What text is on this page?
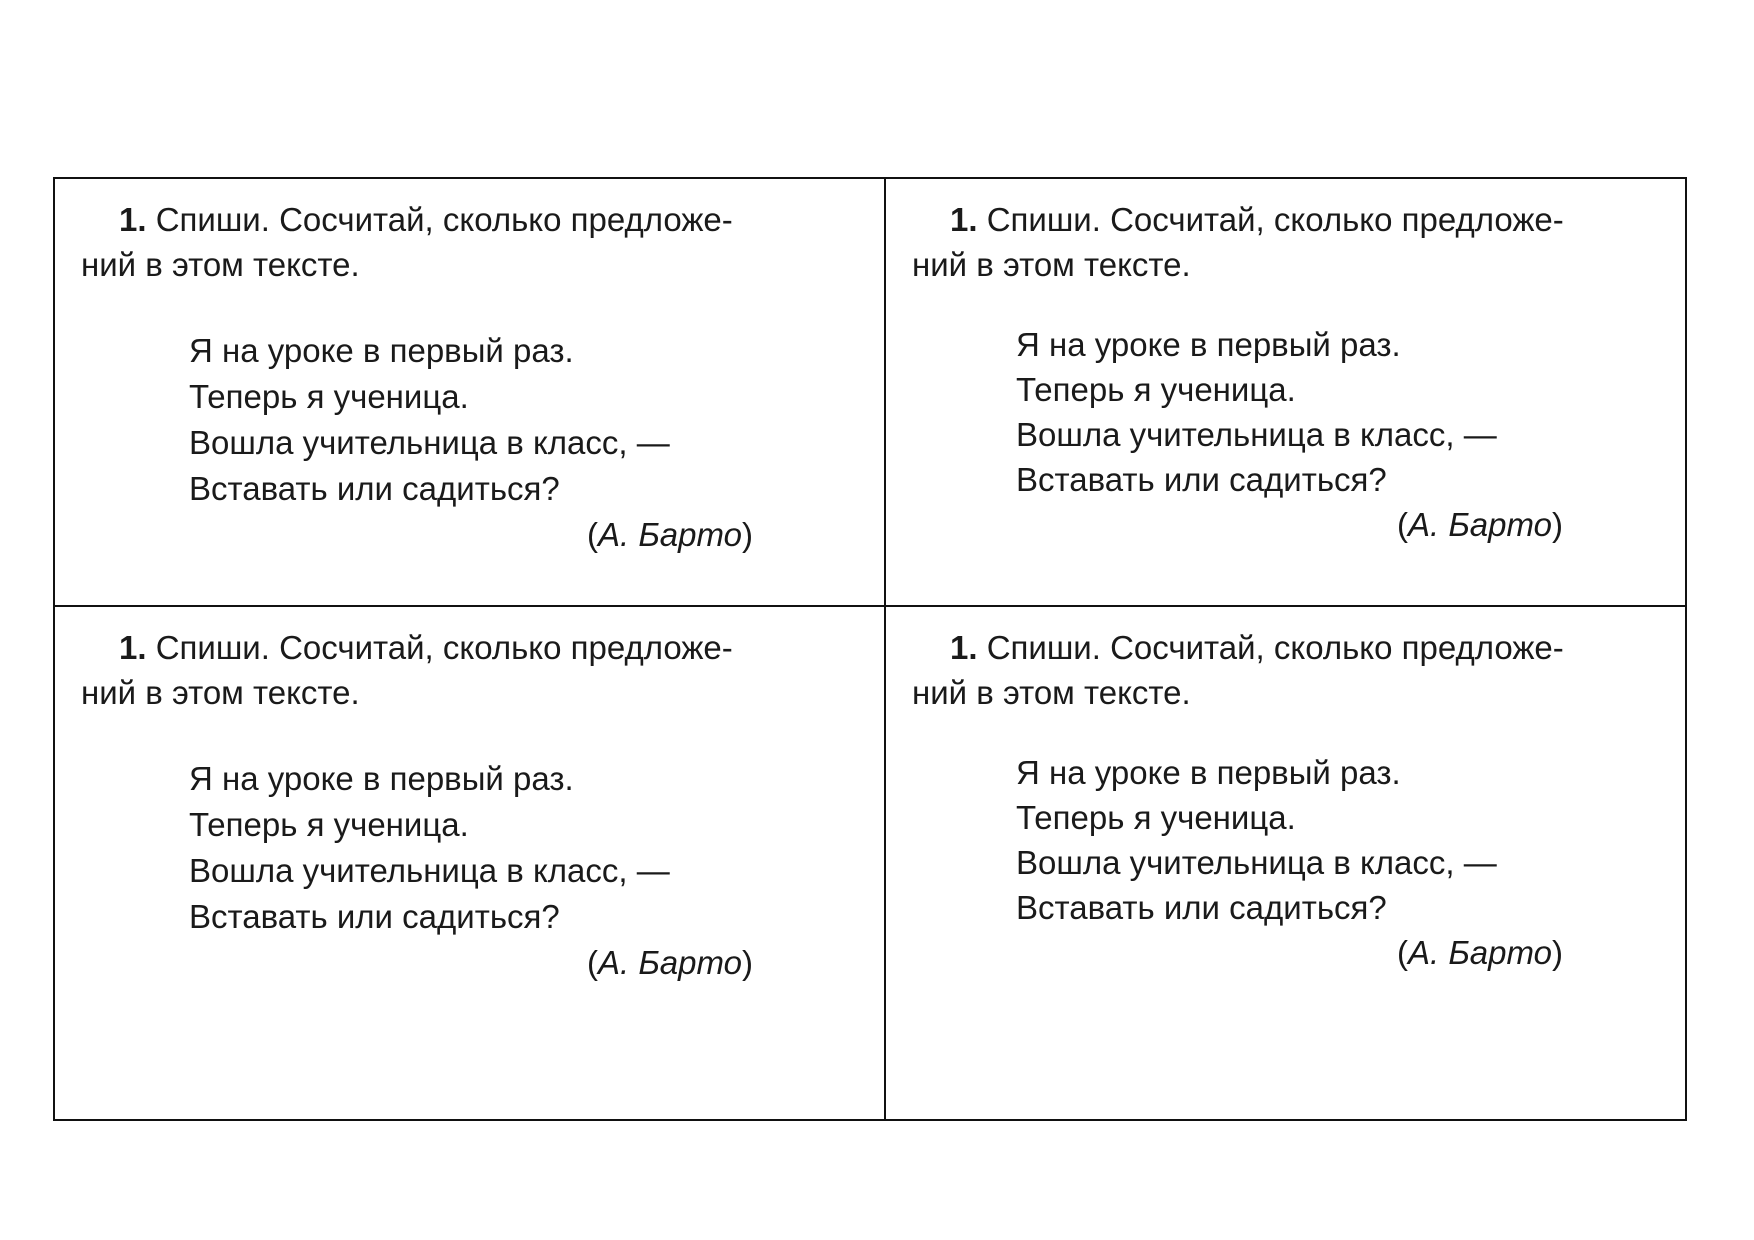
1. Спиши. Сосчитай, сколько предложе-
ний в этом тексте.

Я на уроке в первый раз.
Теперь я ученица.
Вошла учительница в класс, —
Вставать или садиться?
(А. Барто)

1. Спиши. Сосчитай, сколько предложе-
ний в этом тексте.

Я на уроке в первый раз.
Теперь я ученица.
Вошла учительница в класс, —
Вставать или садиться?
(А. Барто)

1. Спиши. Сосчитай, сколько предложе-
ний в этом тексте.

Я на уроке в первый раз.
Теперь я ученица.
Вошла учительница в класс, —
Вставать или садиться?
(А. Барто)

1. Спиши. Сосчитай, сколько предложе-
ний в этом тексте.

Я на уроке в первый раз.
Теперь я ученица.
Вошла учительница в класс, —
Вставать или садиться?
(А. Барто)
